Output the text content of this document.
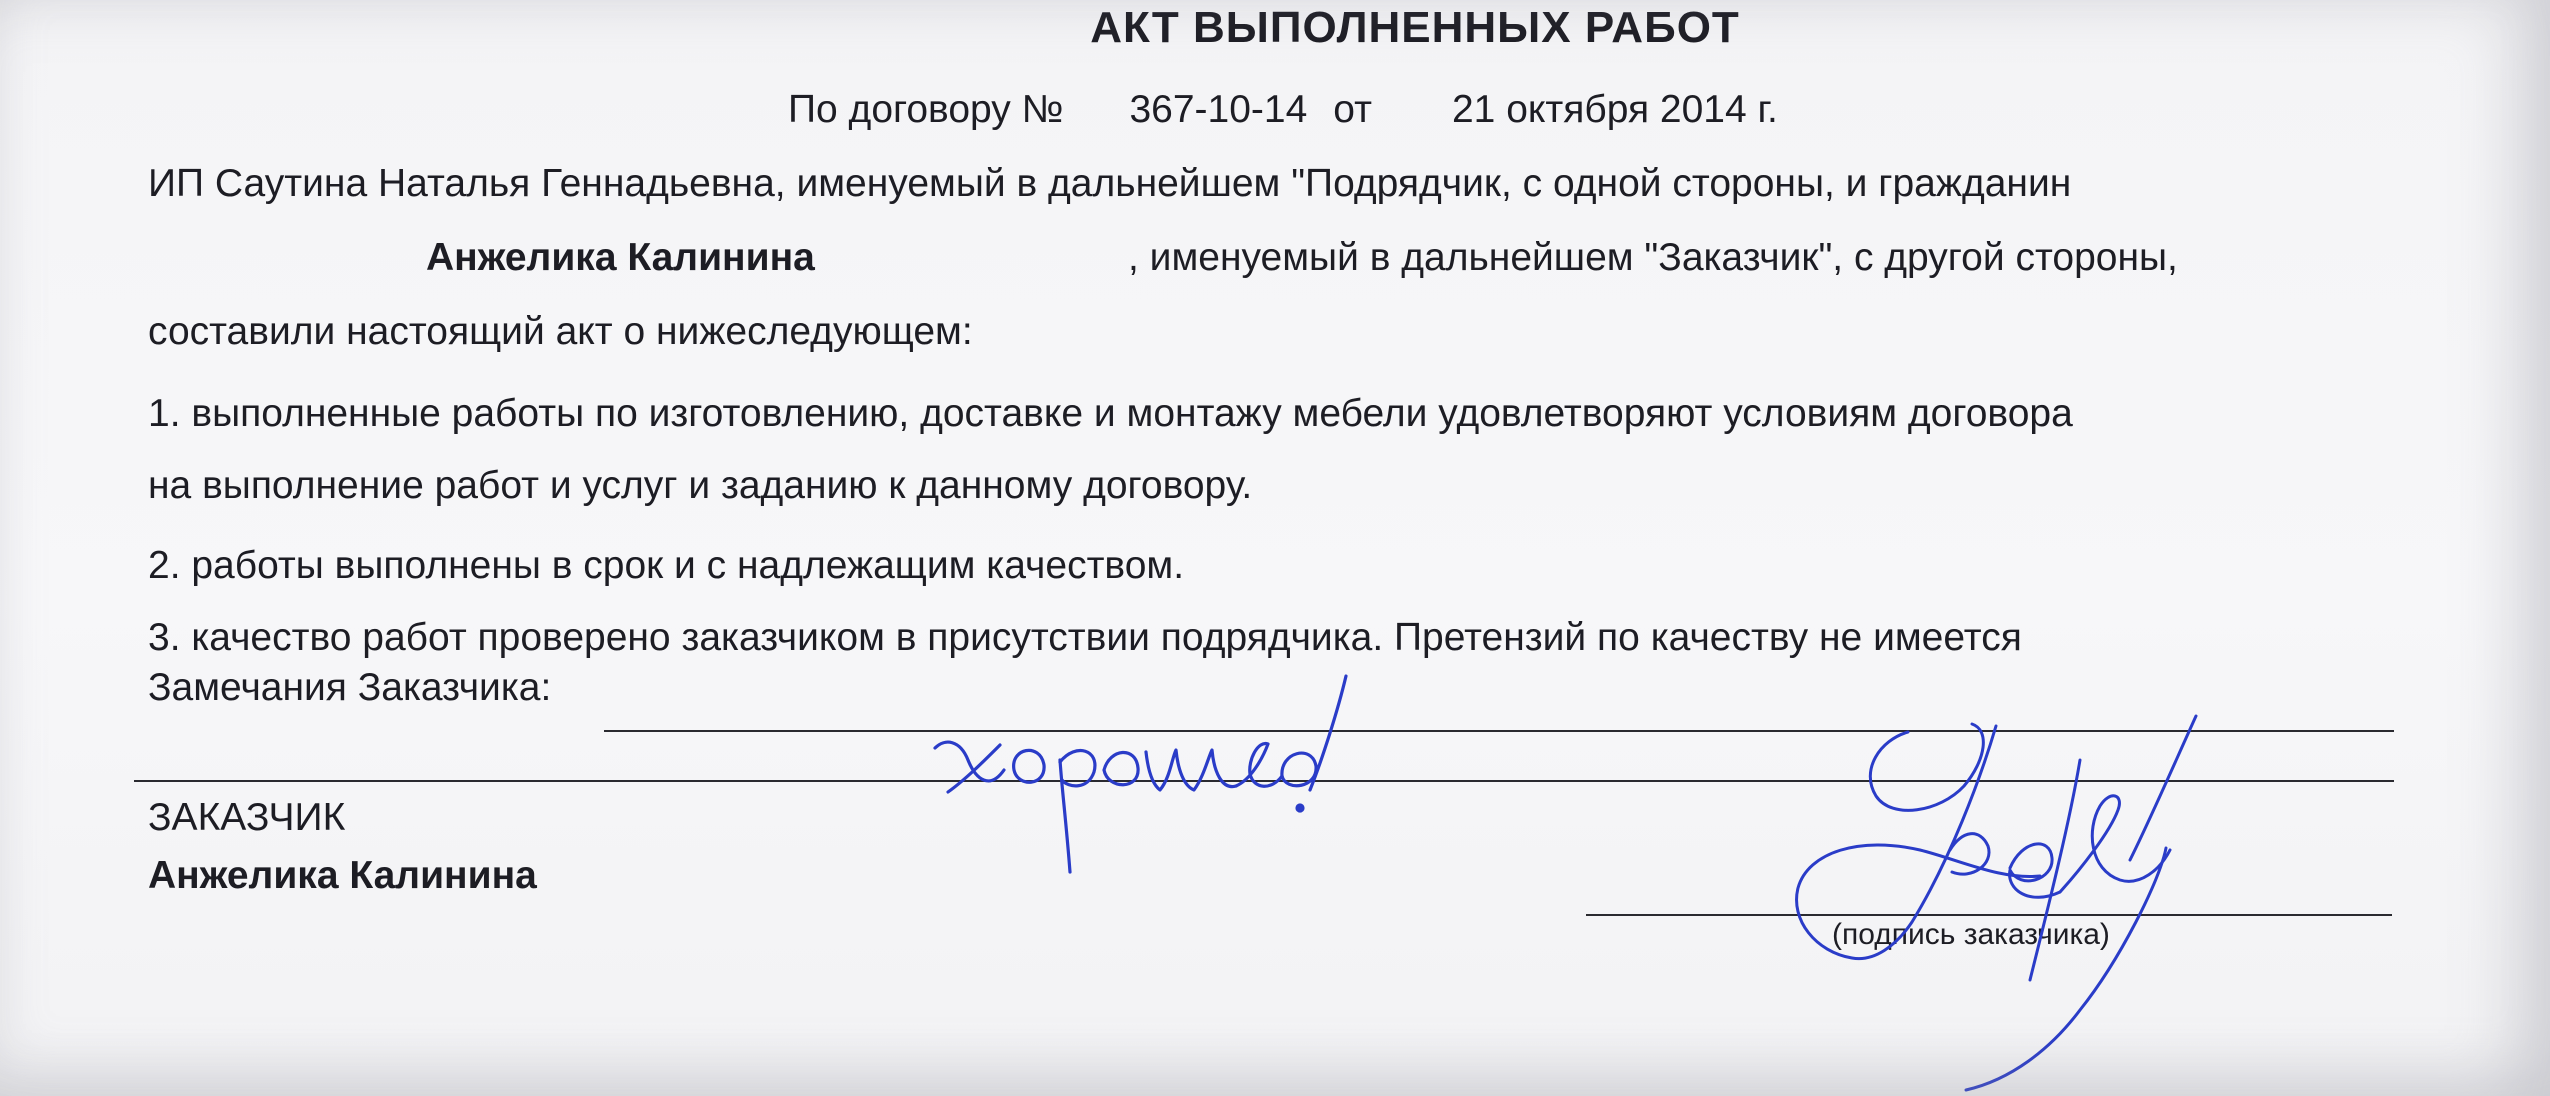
АКТ ВЫПОЛНЕННЫХ РАБОТ
По договору № 367-10-14 от 21 октября 2014 г.
ИП Саутина Наталья Геннадьевна, именуемый в дальнейшем "Подрядчик, с одной стороны, и гражданин
Анжелика Калинина	, именуемый в дальнейшем "Заказчик", с другой стороны,
составили настоящий акт о нижеследующем:
1. выполненные работы по изготовлению, доставке и монтажу мебели удовлетворяют условиям договора
на выполнение работ и услуг и заданию к данному договору.
2. работы выполнены в срок и с надлежащим качеством.
3. качество работ проверено заказчиком в присутствии подрядчика. Претензий по качеству не имеется
Замечания Заказчика:
ЗАКАЗЧИК
Анжелика Калинина
(подпись заказчика)
